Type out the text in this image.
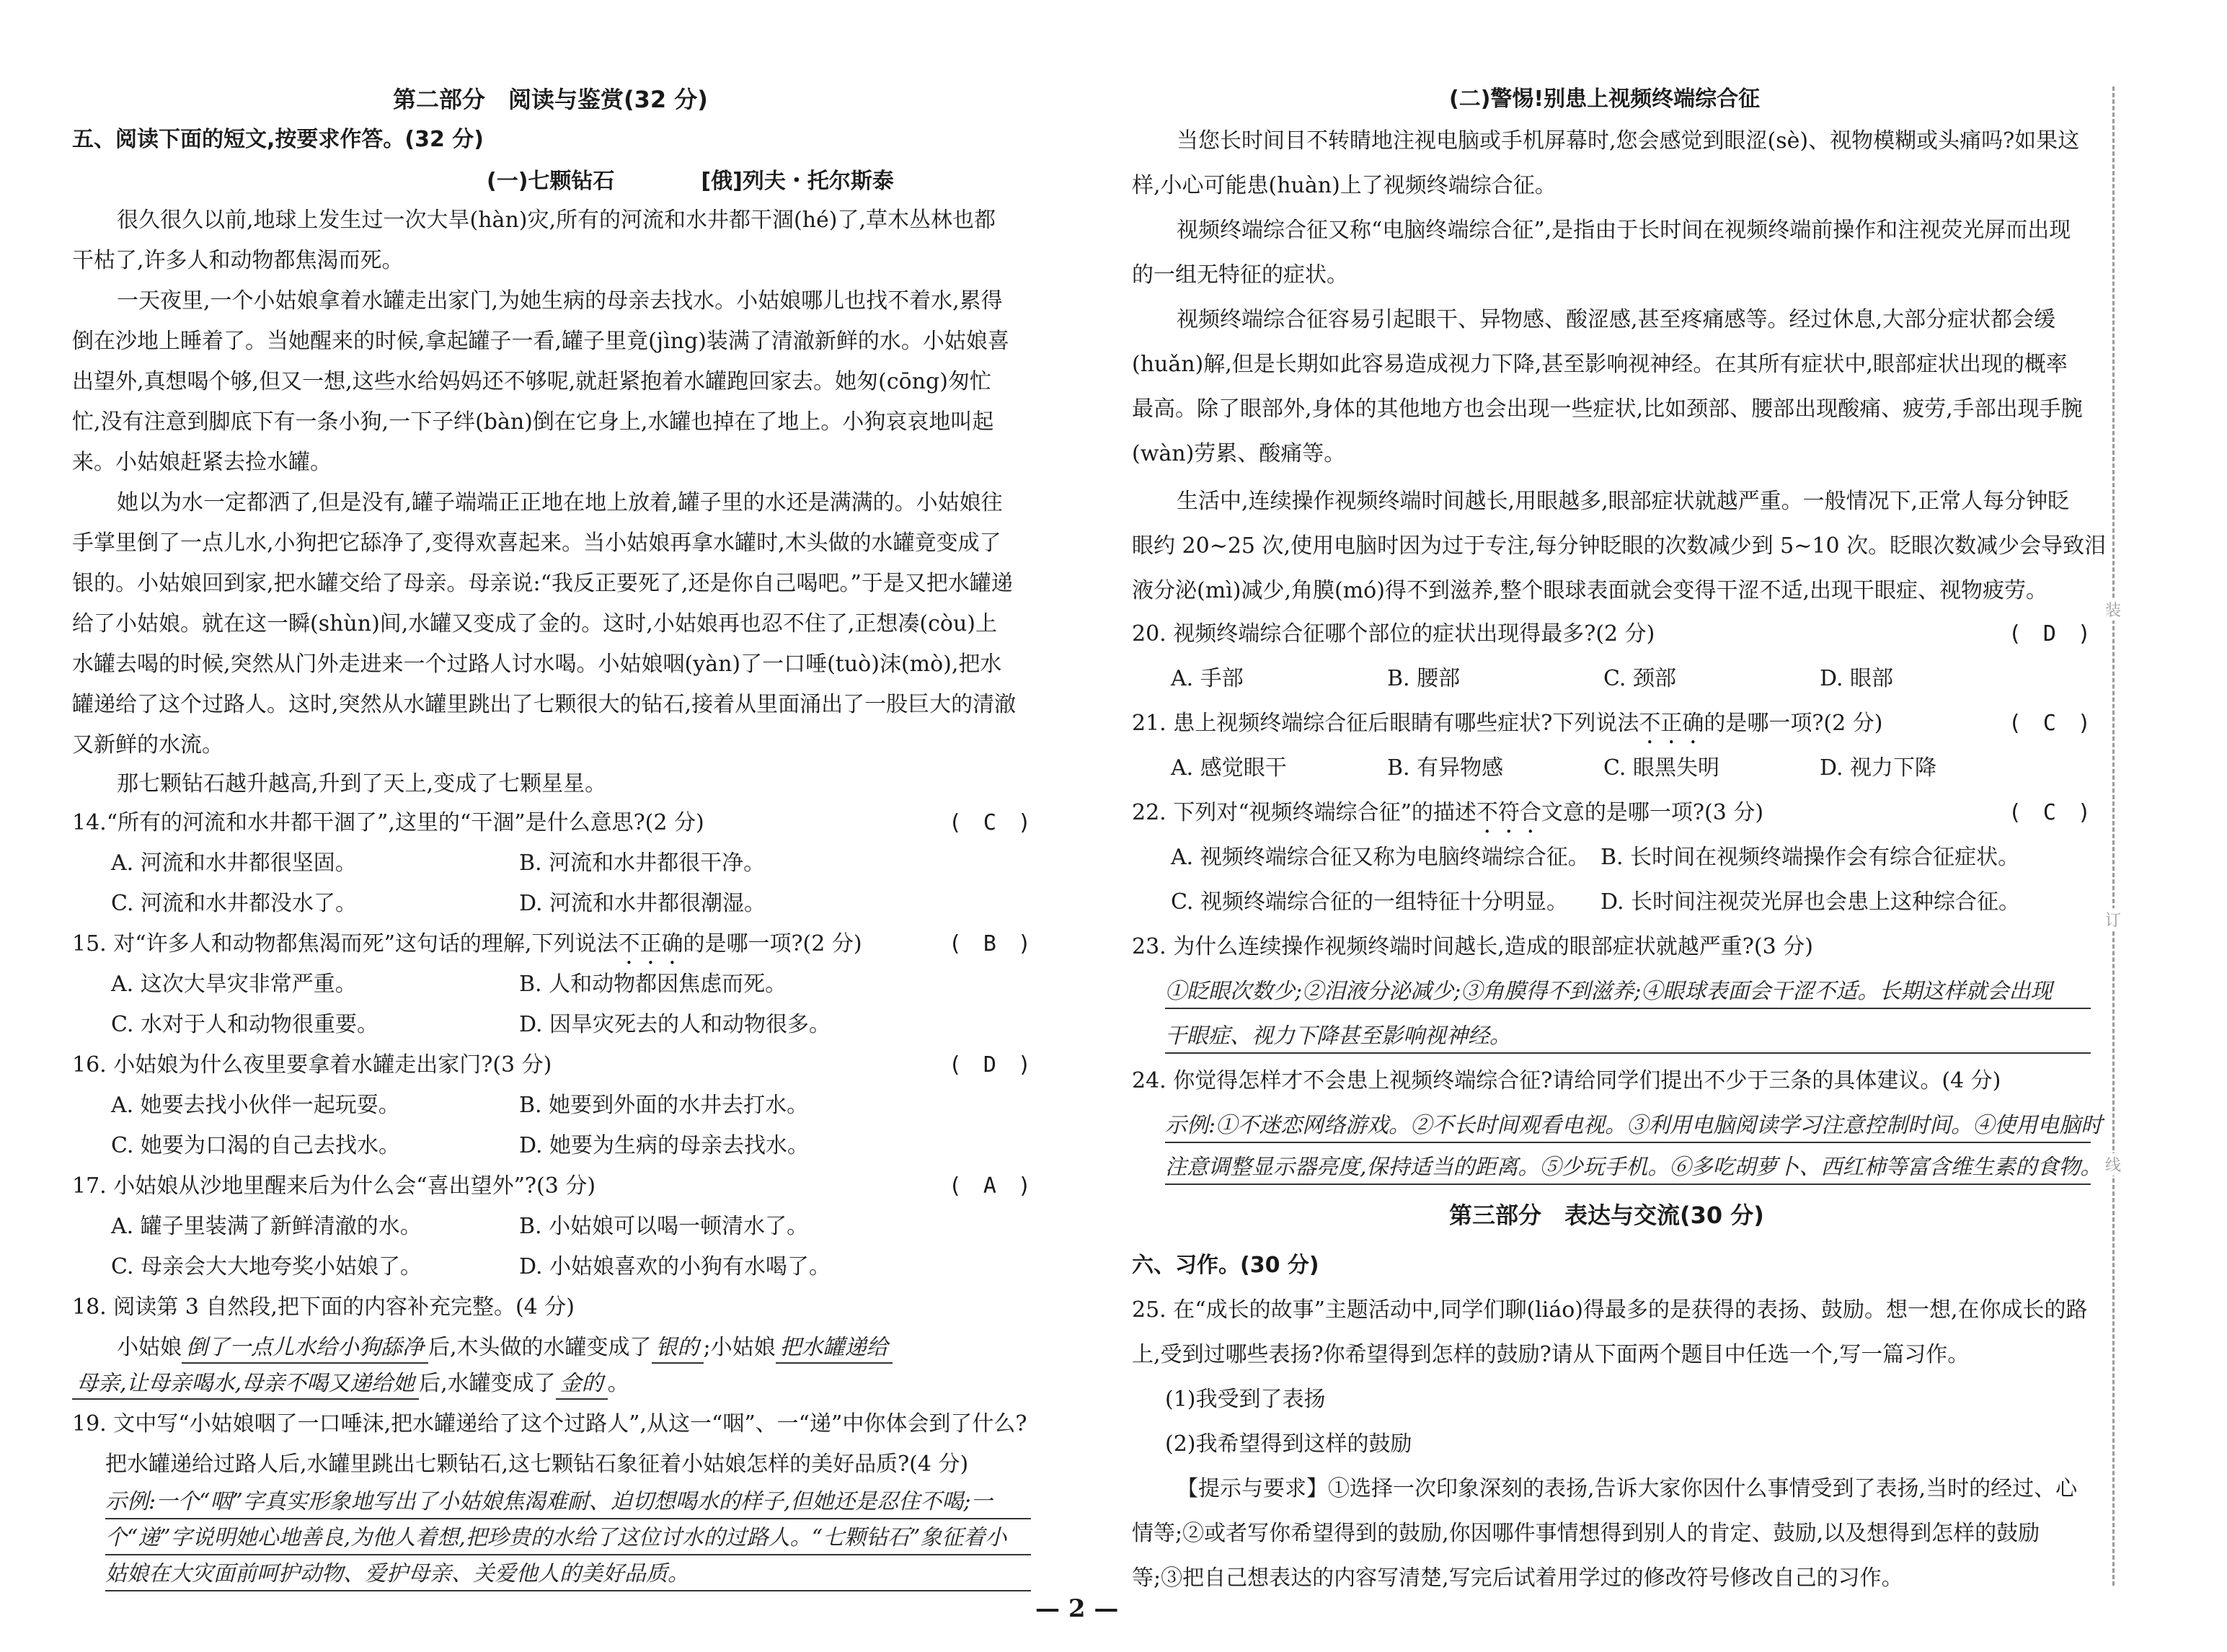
第二部分　阅读与鉴赏(32 分)
五、阅读下面的短文,按要求作答。(32 分)
(一)七颗钻石　　　　[俄]列夫・托尔斯泰
很久很久以前,地球上发生过一次大旱(hàn)灾,所有的河流和水井都干涸(hé)了,草木丛林也都
干枯了,许多人和动物都焦渴而死。
一天夜里,一个小姑娘拿着水罐走出家门,为她生病的母亲去找水。小姑娘哪儿也找不着水,累得
倒在沙地上睡着了。当她醒来的时候,拿起罐子一看,罐子里竟(jìng)装满了清澈新鲜的水。小姑娘喜
出望外,真想喝个够,但又一想,这些水给妈妈还不够呢,就赶紧抱着水罐跑回家去。她匆(cōng)匆忙
忙,没有注意到脚底下有一条小狗,一下子绊(bàn)倒在它身上,水罐也掉在了地上。小狗哀哀地叫起
来。小姑娘赶紧去捡水罐。
她以为水一定都洒了,但是没有,罐子端端正正地在地上放着,罐子里的水还是满满的。小姑娘往
手掌里倒了一点儿水,小狗把它舔净了,变得欢喜起来。当小姑娘再拿水罐时,木头做的水罐竟变成了
银的。小姑娘回到家,把水罐交给了母亲。母亲说:“我反正要死了,还是你自己喝吧。”于是又把水罐递
给了小姑娘。就在这一瞬(shùn)间,水罐又变成了金的。这时,小姑娘再也忍不住了,正想凑(còu)上
水罐去喝的时候,突然从门外走进来一个过路人讨水喝。小姑娘咽(yàn)了一口唾(tuò)沫(mò),把水
罐递给了这个过路人。这时,突然从水罐里跳出了七颗很大的钻石,接着从里面涌出了一股巨大的清澈
又新鲜的水流。
那七颗钻石越升越高,升到了天上,变成了七颗星星。
14.“所有的河流和水井都干涸了”,这里的“干涸”是什么意思?(2 分)	(　C　)
A. 河流和水井都很坚固。	B. 河流和水井都很干净。
C. 河流和水井都没水了。	D. 河流和水井都很潮湿。
15. 对“许多人和动物都焦渴而死”这句话的理解,下列说法不正确的是哪一项?(2 分)	(　B　)
A. 这次大旱灾非常严重。	B. 人和动物都因焦虑而死。
C. 水对于人和动物很重要。	D. 因旱灾死去的人和动物很多。
16. 小姑娘为什么夜里要拿着水罐走出家门?(3 分)	(　D　)
A. 她要去找小伙伴一起玩耍。	B. 她要到外面的水井去打水。
C. 她要为口渴的自己去找水。	D. 她要为生病的母亲去找水。
17. 小姑娘从沙地里醒来后为什么会“喜出望外”?(3 分)	(　A　)
A. 罐子里装满了新鲜清澈的水。	B. 小姑娘可以喝一顿清水了。
C. 母亲会大大地夸奖小姑娘了。	D. 小姑娘喜欢的小狗有水喝了。
18. 阅读第 3 自然段,把下面的内容补充完整。(4 分)
小姑娘 倒了一点儿水给小狗舔净 后,木头做的水罐变成了 银的 ;小姑娘 把水罐递给
母亲,让母亲喝水,母亲不喝又递给她 后,水罐变成了 金的 。
19. 文中写“小姑娘咽了一口唾沫,把水罐递给了这个过路人”,从这一“咽”、一“递”中你体会到了什么?
把水罐递给过路人后,水罐里跳出七颗钻石,这七颗钻石象征着小姑娘怎样的美好品质?(4 分)
示例:一个“咽”字真实形象地写出了小姑娘焦渴难耐、迫切想喝水的样子,但她还是忍住不喝;一
个“递”字说明她心地善良,为他人着想,把珍贵的水给了这位讨水的过路人。“七颗钻石”象征着小
姑娘在大灾面前呵护动物、爱护母亲、关爱他人的美好品质。
(二)警惕!别患上视频终端综合征
当您长时间目不转睛地注视电脑或手机屏幕时,您会感觉到眼涩(sè)、视物模糊或头痛吗?如果这
样,小心可能患(huàn)上了视频终端综合征。
视频终端综合征又称“电脑终端综合征”,是指由于长时间在视频终端前操作和注视荧光屏而出现
的一组无特征的症状。
视频终端综合征容易引起眼干、异物感、酸涩感,甚至疼痛感等。经过休息,大部分症状都会缓
(huǎn)解,但是长期如此容易造成视力下降,甚至影响视神经。在其所有症状中,眼部症状出现的概率
最高。除了眼部外,身体的其他地方也会出现一些症状,比如颈部、腰部出现酸痛、疲劳,手部出现手腕
(wàn)劳累、酸痛等。
生活中,连续操作视频终端时间越长,用眼越多,眼部症状就越严重。一般情况下,正常人每分钟眨
眼约 20~25 次,使用电脑时因为过于专注,每分钟眨眼的次数减少到 5~10 次。眨眼次数减少会导致泪
液分泌(mì)减少,角膜(mó)得不到滋养,整个眼球表面就会变得干涩不适,出现干眼症、视物疲劳。
20. 视频终端综合征哪个部位的症状出现得最多?(2 分)	(　D　)
A. 手部	B. 腰部	C. 颈部	D. 眼部
21. 患上视频终端综合征后眼睛有哪些症状?下列说法不正确的是哪一项?(2 分)	(　C　)
A. 感觉眼干	B. 有异物感	C. 眼黑失明	D. 视力下降
22. 下列对“视频终端综合征”的描述不符合文意的是哪一项?(3 分)	(　C　)
A. 视频终端综合征又称为电脑终端综合征。 B. 长时间在视频终端操作会有综合征症状。
C. 视频终端综合征的一组特征十分明显。 D. 长时间注视荧光屏也会患上这种综合征。
23. 为什么连续操作视频终端时间越长,造成的眼部症状就越严重?(3 分)
①眨眼次数少;②泪液分泌减少;③角膜得不到滋养;④眼球表面会干涩不适。长期这样就会出现
干眼症、视力下降甚至影响视神经。
24. 你觉得怎样才不会患上视频终端综合征?请给同学们提出不少于三条的具体建议。(4 分)
示例:①不迷恋网络游戏。②不长时间观看电视。③利用电脑阅读学习注意控制时间。④使用电脑时
注意调整显示器亮度,保持适当的距离。⑤少玩手机。⑥多吃胡萝卜、西红柿等富含维生素的食物。
第三部分　表达与交流(30 分)
六、习作。(30 分)
25. 在“成长的故事”主题活动中,同学们聊(liáo)得最多的是获得的表扬、鼓励。想一想,在你成长的路
上,受到过哪些表扬?你希望得到怎样的鼓励?请从下面两个题目中任选一个,写一篇习作。
(1)我受到了表扬
(2)我希望得到这样的鼓励
【提示与要求】①选择一次印象深刻的表扬,告诉大家你因什么事情受到了表扬,当时的经过、心
情等;②或者写你希望得到的鼓励,你因哪件事情想得到别人的肯定、鼓励,以及想得到怎样的鼓励
等;③把自己想表达的内容写清楚,写完后试着用学过的修改符号修改自己的习作。
— 2 —
装
订
线
